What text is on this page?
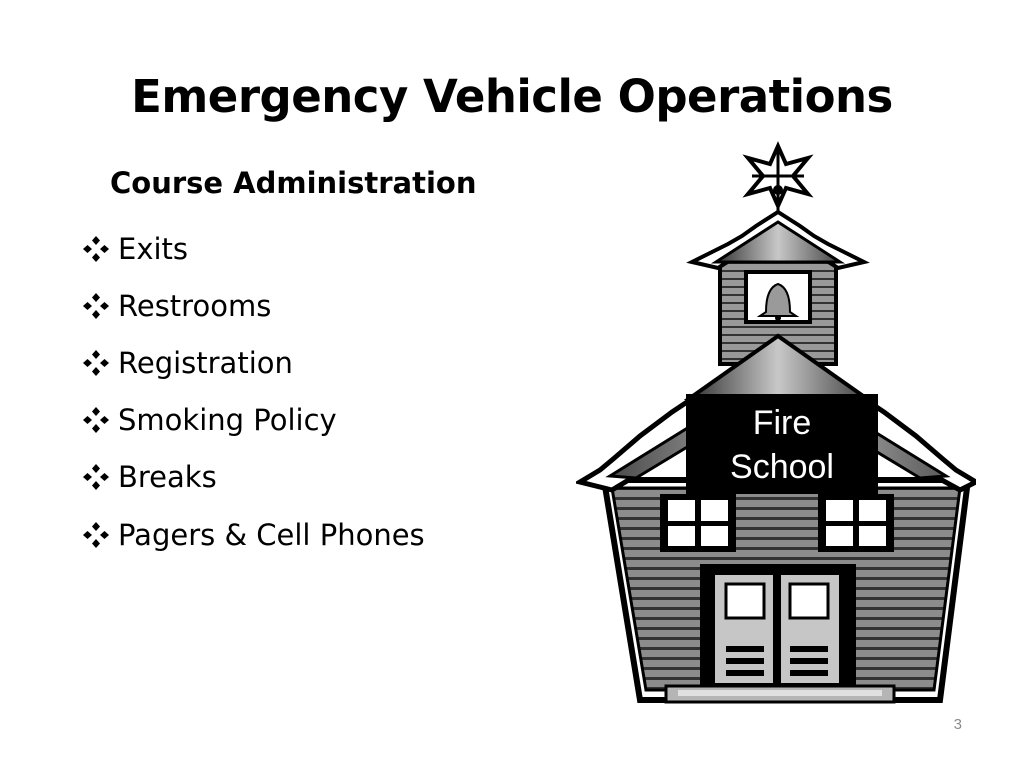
Emergency Vehicle Operations
Course Administration
Exits
Restrooms
Registration
Smoking Policy
Breaks
Pagers & Cell Phones
Fire
School
3
